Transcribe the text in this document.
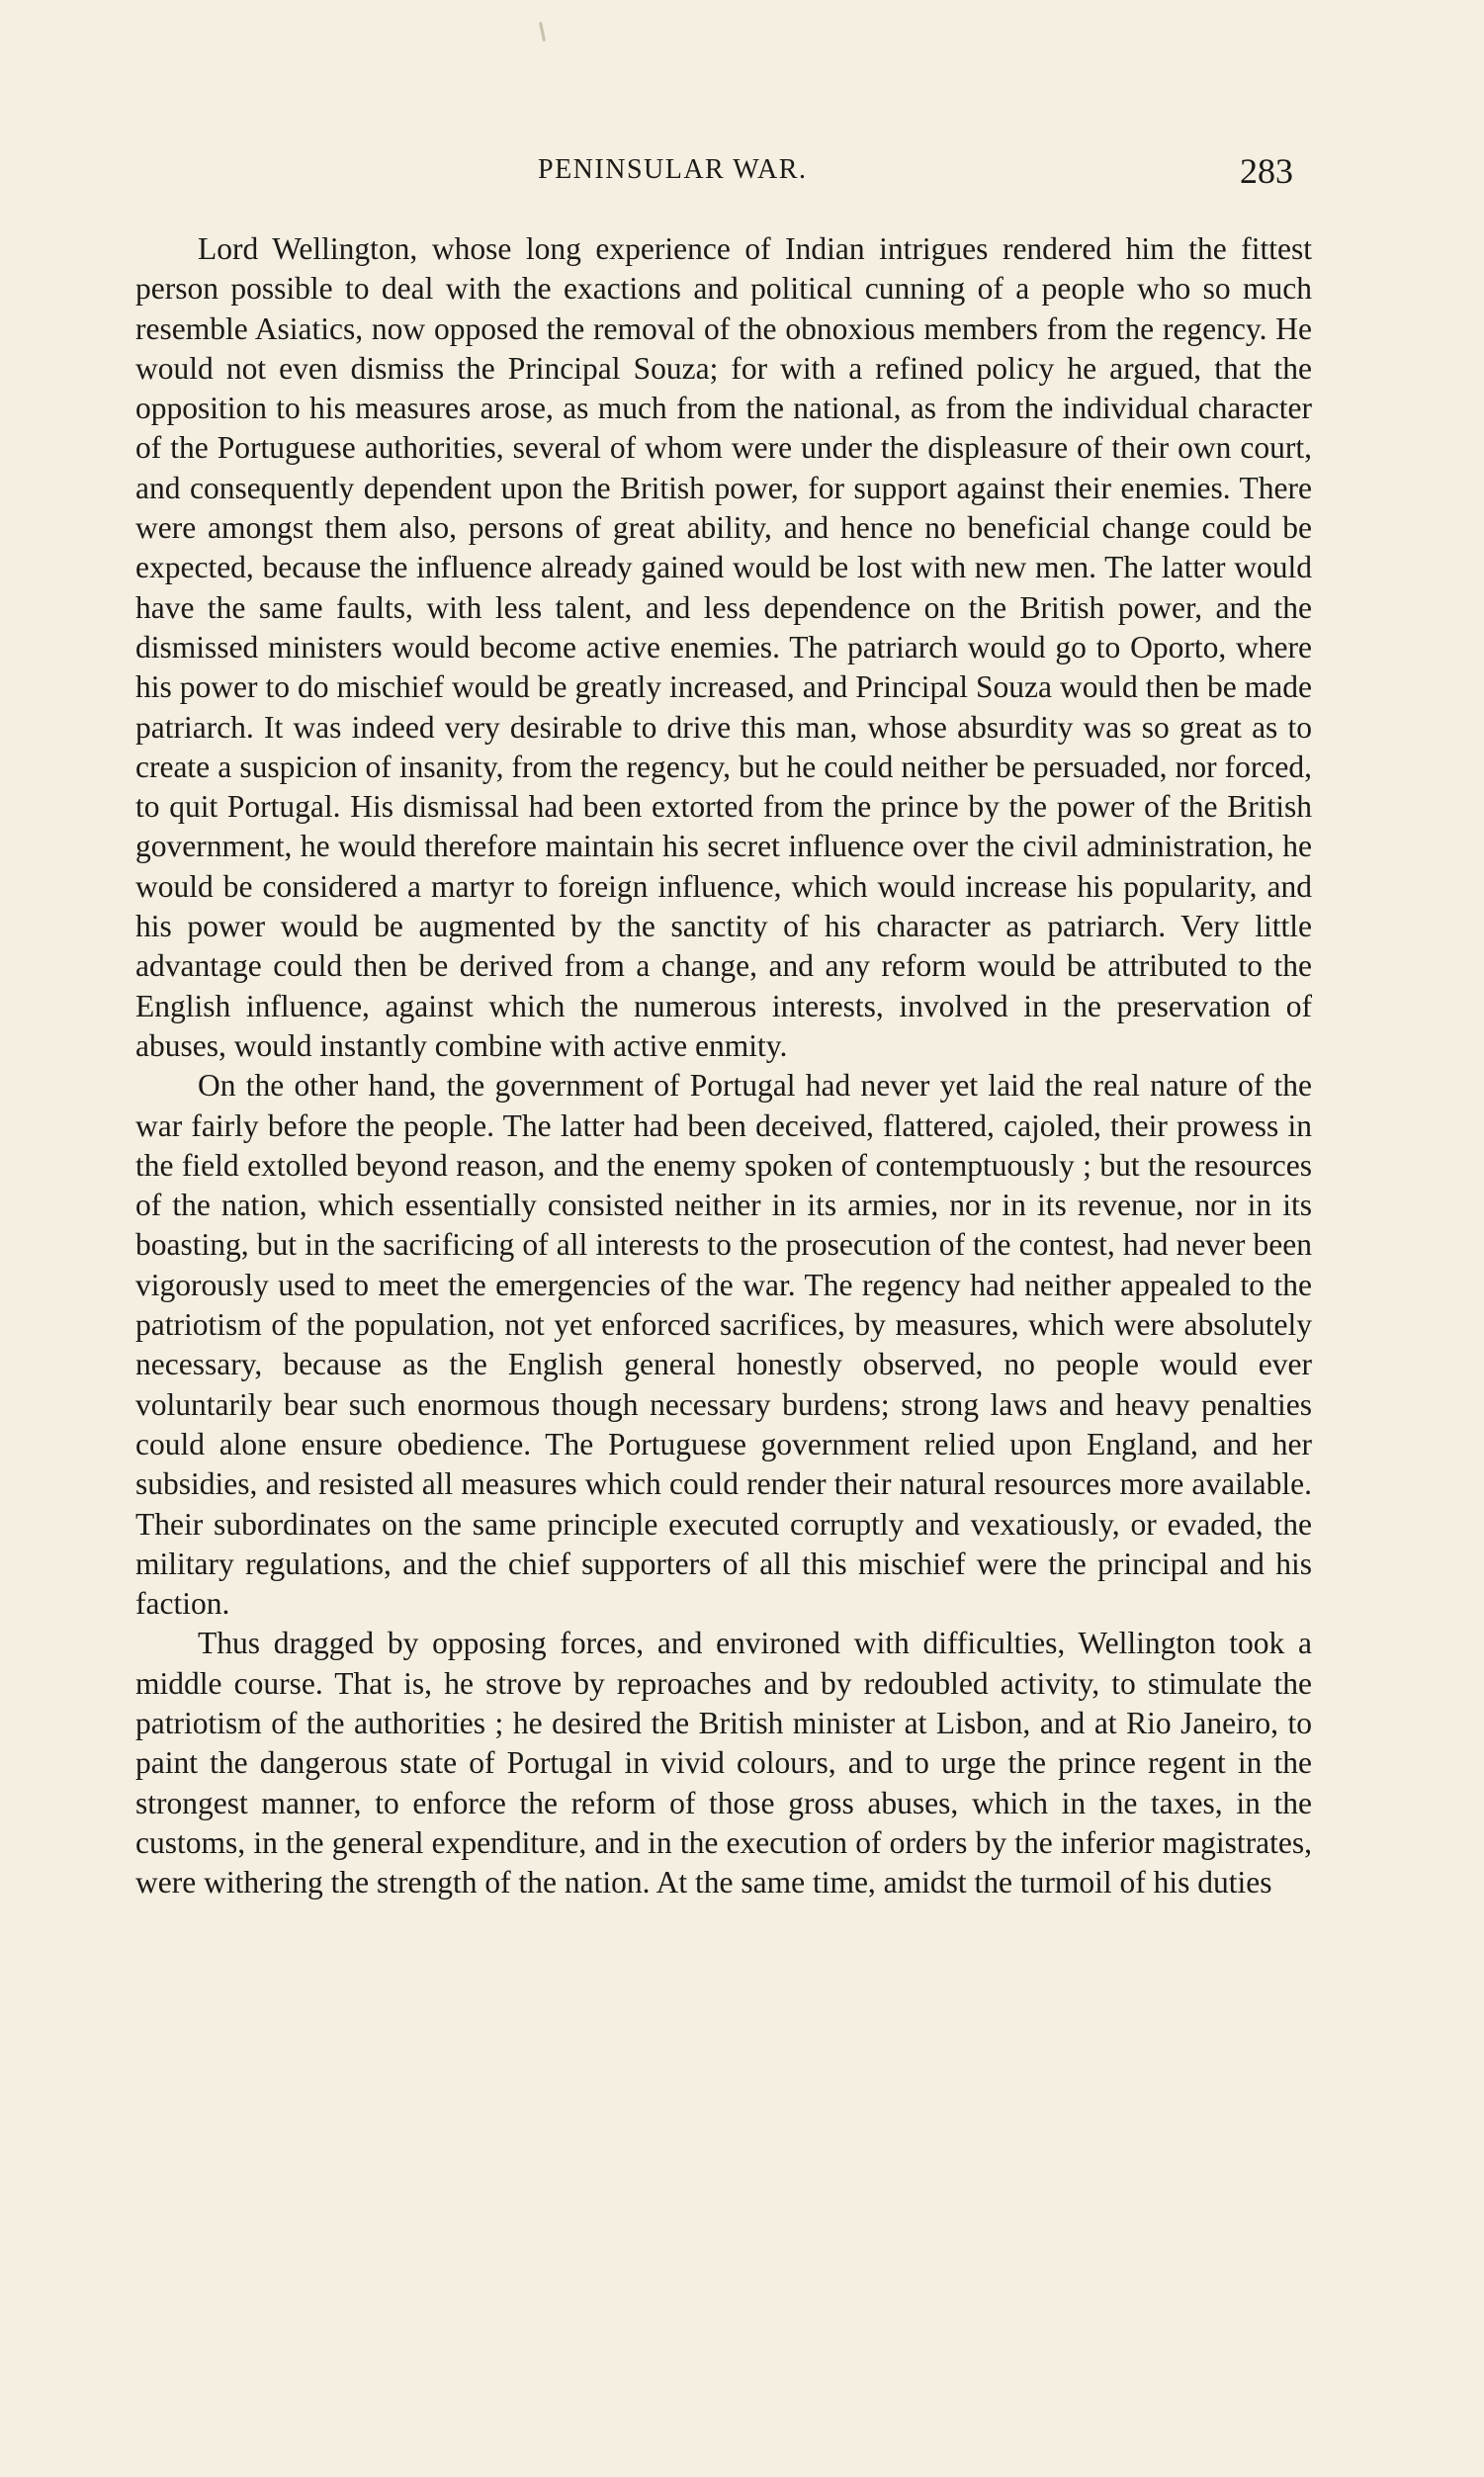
PENINSULAR WAR.	283

Lord Wellington, whose long experience of Indian intrigues rendered him the fittest person possible to deal with the exactions and political cunning of a people who so much resemble Asiatics, now opposed the removal of the obnoxious members from the regency. He would not even dismiss the Principal Souza; for with a refined policy he argued, that the opposition to his measures arose, as much from the national, as from the individual character of the Portuguese authorities, several of whom were under the displeasure of their own court, and consequently dependent upon the British power, for support against their enemies. There were amongst them also, persons of great ability, and hence no beneficial change could be expected, because the influence already gained would be lost with new men. The latter would have the same faults, with less talent, and less dependence on the British power, and the dismissed ministers would become active enemies. The patriarch would go to Oporto, where his power to do mischief would be greatly increased, and Principal Souza would then be made patriarch. It was indeed very desirable to drive this man, whose absurdity was so great as to create a suspicion of insanity, from the regency, but he could neither be persuaded, nor forced, to quit Portugal. His dismissal had been extorted from the prince by the power of the British government, he would therefore maintain his secret influence over the civil administration, he would be considered a martyr to foreign influence, which would increase his popularity, and his power would be augmented by the sanctity of his character as patriarch. Very little advantage could then be derived from a change, and any reform would be attributed to the English influence, against which the numerous interests, involved in the preservation of abuses, would instantly combine with active enmity.

On the other hand, the government of Portugal had never yet laid the real nature of the war fairly before the people. The latter had been deceived, flattered, cajoled, their prowess in the field extolled beyond reason, and the enemy spoken of contemptuously ; but the resources of the nation, which essentially consisted neither in its armies, nor in its revenue, nor in its boasting, but in the sacrificing of all interests to the prosecution of the contest, had never been vigorously used to meet the emergencies of the war. The regency had neither appealed to the patriotism of the population, not yet enforced sacrifices, by measures, which were absolutely necessary, because as the English general honestly observed, no people would ever voluntarily bear such enormous though necessary burdens; strong laws and heavy penalties could alone ensure obedience. The Portuguese government relied upon England, and her subsidies, and resisted all measures which could render their natural resources more available. Their subordinates on the same principle executed corruptly and vexatiously, or evaded, the military regulations, and the chief supporters of all this mischief were the principal and his faction.

Thus dragged by opposing forces, and environed with difficulties, Wellington took a middle course. That is, he strove by reproaches and by redoubled activity, to stimulate the patriotism of the authorities ; he desired the British minister at Lisbon, and at Rio Janeiro, to paint the dangerous state of Portugal in vivid colours, and to urge the prince regent in the strongest manner, to enforce the reform of those gross abuses, which in the taxes, in the customs, in the general expenditure, and in the execution of orders by the inferior magistrates, were withering the strength of the nation. At the same time, amidst the turmoil of his duties
